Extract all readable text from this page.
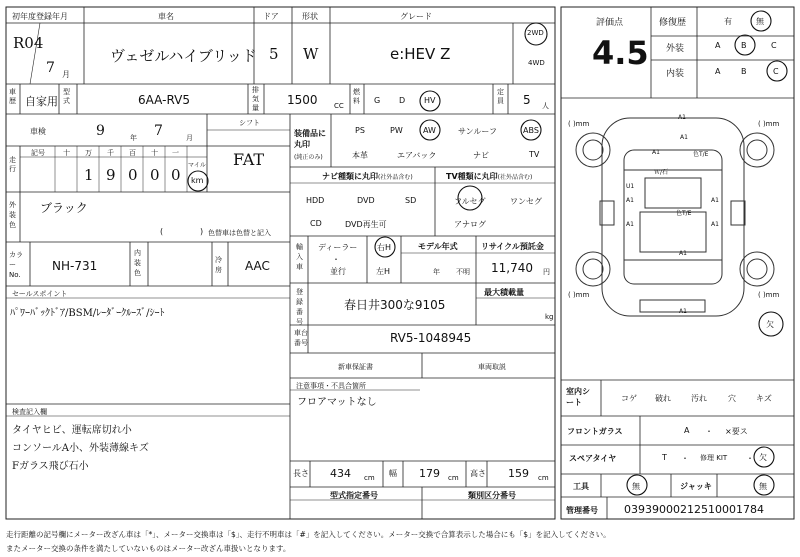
初年度登録年月
R04
7 月
車名
ヴェゼルハイブリッド
ドア
5
形状
W
グレード
e:HEV Z
2WD
4WD
評価点
4.5
修復歴	有	無
外装	A	B	C
内装	A	B	C
車歴 自家用
型式	6AA-RV5
排気量
1500 CC
燃料 G D HV
定員 5 人
車検	9	年 7	月
シフト
FAT
走行
記号	十 万 千 百 十 一
1 9 0 0 0
マイル
km
外装色
ブラック
(	) 色替車は色替と記入
カラーNo.
NH-731
内装色
冷房 AAC
セールスポイント
ﾊﾟﾜｰﾊﾞｯｸﾄﾞｱ/BSM/ﾚｰﾀﾞｰｸﾙｰｽﾞ/ｼｰﾄ
検査記入欄
タイヤヒビ、運転席切れ小
コンソールA小、外装薄線キズ
Fガラス飛び石小
装備品に丸印
(純正のみ)
PS	PW	AW	サンルーフ	ABS
本革	エアバック	ナビ	TV
ナビ種類に丸印(社外品含む)
HDD	DVD	SD
CD	DVD再生可
TV種類に丸印(社外品含む)
フルセグ	ワンセグ
アナログ
輸入車
ディーラー
・
並行
右H
左H
モデル年式
年 不明
リサイクル預託金
11,740 円
登録番号
春日井300な9105
最大積載量
kg
車台番号	RV5-1048945
新車保証書	車両取説
注意事項・不具合箇所
フロアマットなし
長さ 434 cm 幅 179 cm 高さ 159 cm
型式指定番号	類別区分番号
室内シート	コゲ 破れ	汚れ	穴	キズ
フロントガラス	A ・ ×要ス
スペアタイヤ	T ・ 修理 KIT ・ 欠
工具	無	ジャッキ	無
管理番号 03939000212510001784
( )mm	( )mm
( )mm	( )mm
A1
A1
A1	色T/E
Ｗ/石
U1
A1
A1
A1
A1
色T/E
A1
A1
欠
走行距離の記号欄にメーター改ざん車は「*」、メーター交換車は「$」、走行不明車は「#」を記入してください。メーター交換で合算表示した場合にも「$」を記入してください。
またメーター交換の条件を満たしていないものはメーター改ざん車扱いとなります。
